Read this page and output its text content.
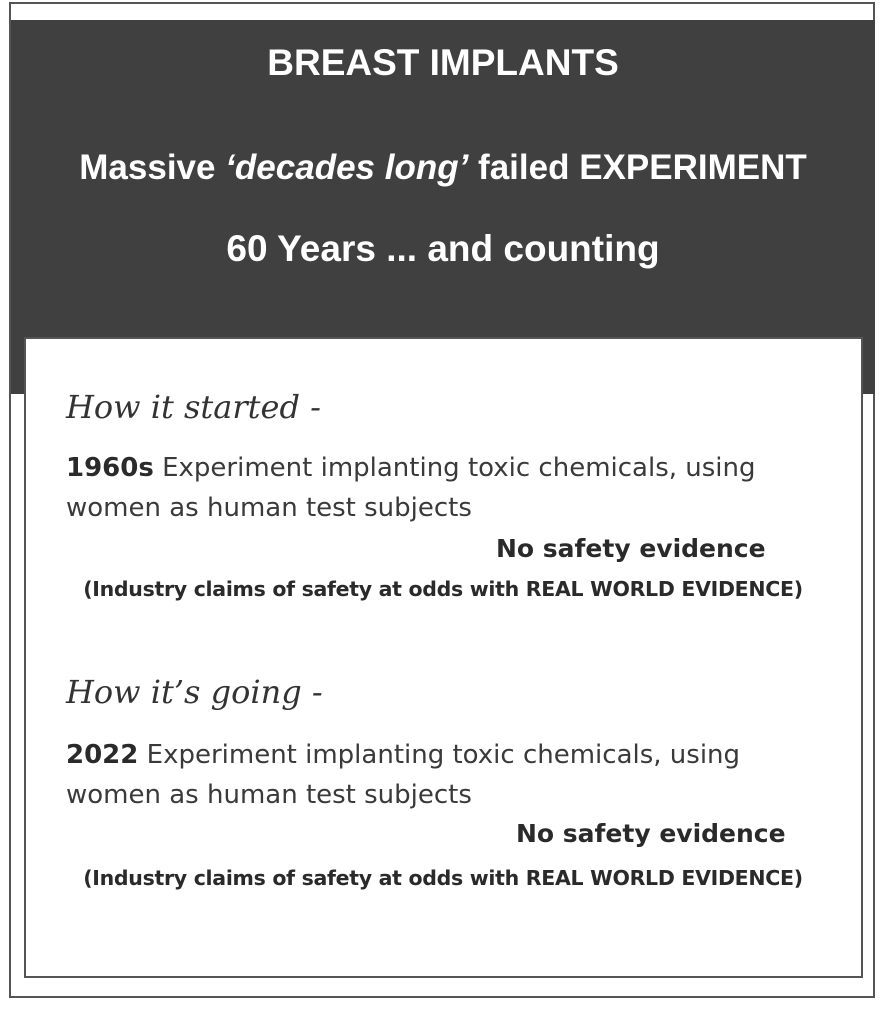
BREAST IMPLANTS
Massive ‘decades long’ failed EXPERIMENT
60 Years ... and counting

How it started -

1960s Experiment implanting toxic chemicals, using
women as human test subjects

No safety evidence

(Industry claims of safety at odds with REAL WORLD EVIDENCE)

How it’s going -

2022 Experiment implanting toxic chemicals, using
women as human test subjects

No safety evidence

(Industry claims of safety at odds with REAL WORLD EVIDENCE)
